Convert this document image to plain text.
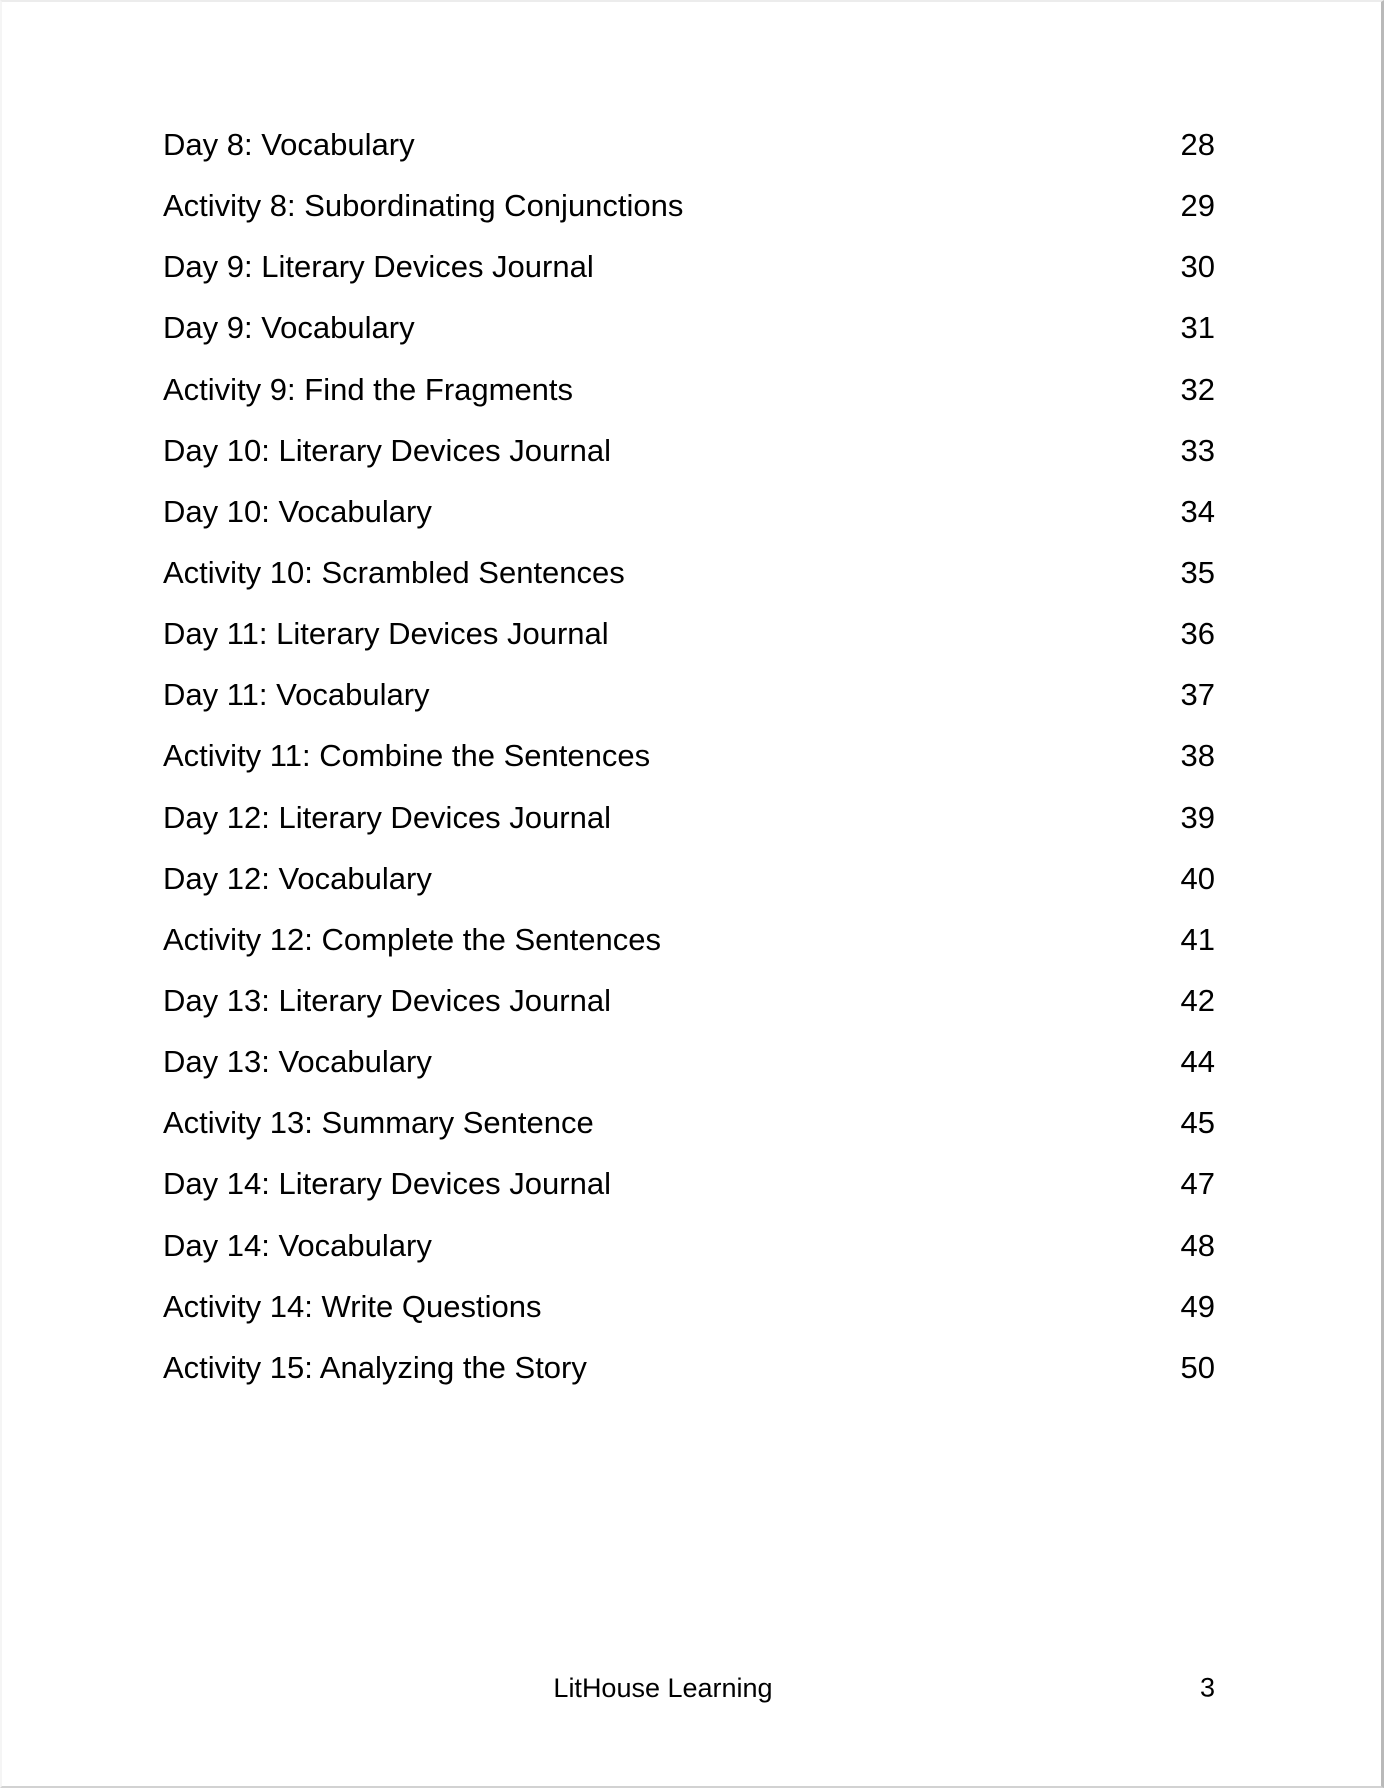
Day 8: Vocabulary	28
Activity 8: Subordinating Conjunctions	29
Day 9: Literary Devices Journal	30
Day 9: Vocabulary	31
Activity 9: Find the Fragments	32
Day 10: Literary Devices Journal	33
Day 10: Vocabulary	34
Activity 10: Scrambled Sentences	35
Day 11: Literary Devices Journal	36
Day 11: Vocabulary	37
Activity 11: Combine the Sentences	38
Day 12: Literary Devices Journal	39
Day 12: Vocabulary	40
Activity 12: Complete the Sentences	41
Day 13: Literary Devices Journal	42
Day 13: Vocabulary	44
Activity 13: Summary Sentence	45
Day 14: Literary Devices Journal	47
Day 14: Vocabulary	48
Activity 14: Write Questions	49
Activity 15: Analyzing the Story	50
LitHouse Learning	3
